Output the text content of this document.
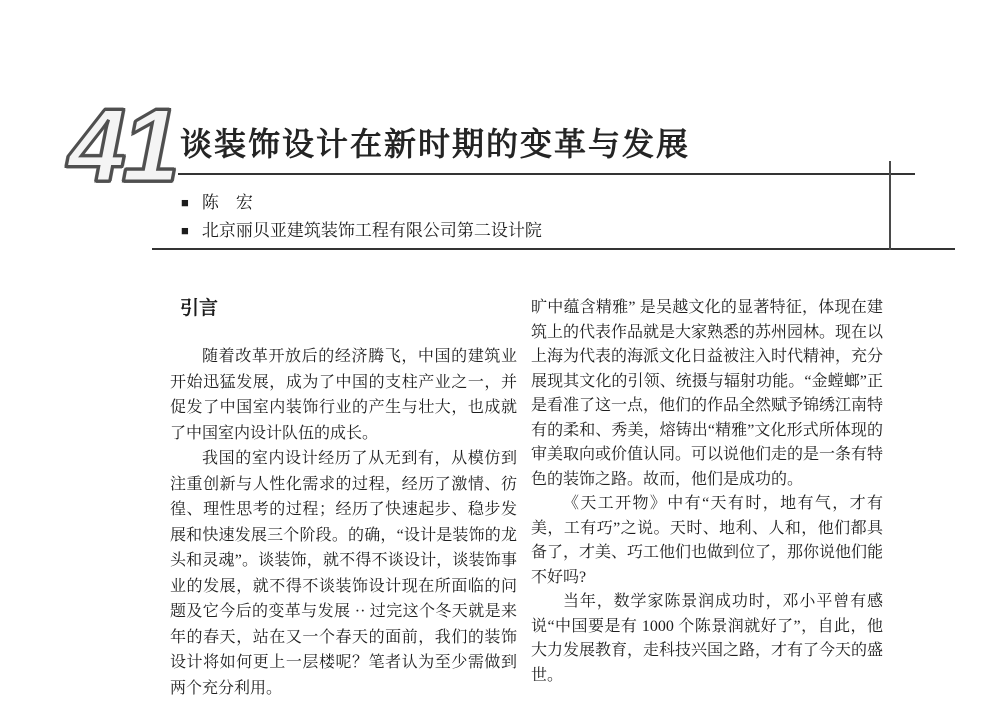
41 谈装饰设计在新时期的变革与发展
■ 陈　宏
■ 北京丽贝亚建筑装饰工程有限公司第二设计院
引言

随着改革开放后的经济腾飞，中国的建筑业开始迅猛发展，成为了中国的支柱产业之一，并促发了中国室内装饰行业的产生与壮大，也成就了中国室内设计队伍的成长。

我国的室内设计经历了从无到有，从模仿到注重创新与人性化需求的过程，经历了激情、彷徨、理性思考的过程；经历了快速起步、稳步发展和快速发展三个阶段。的确，“设计是装饰的龙头和灵魂”。谈装饰，就不得不谈设计，谈装饰事业的发展，就不得不谈装饰设计现在所面临的问题及它今后的变革与发展 ·· 过完这个冬天就是来年的春天，站在又一个春天的面前，我们的装饰设计将如何更上一层楼呢？笔者认为至少需做到两个充分利用。

旷中蕴含精雅” 是吴越文化的显著特征，体现在建筑上的代表作品就是大家熟悉的苏州园林。现在以上海为代表的海派文化日益被注入时代精神，充分展现其文化的引领、统摄与辐射功能。“金螳螂”正是看准了这一点，他们的作品全然赋予锦绣江南特有的柔和、秀美，熔铸出“精雅”文化形式所体现的审美取向或价值认同。可以说他们走的是一条有特色的装饰之路。故而，他们是成功的。

《天工开物》中有“天有时，地有气，才有美，工有巧”之说。天时、地利、人和，他们都具备了，才美、巧工他们也做到位了，那你说他们能不好吗?

当年，数学家陈景润成功时，邓小平曾有感说“中国要是有 1000 个陈景润就好了”，自此，他大力发展教育，走科技兴国之路，才有了今天的盛世。
